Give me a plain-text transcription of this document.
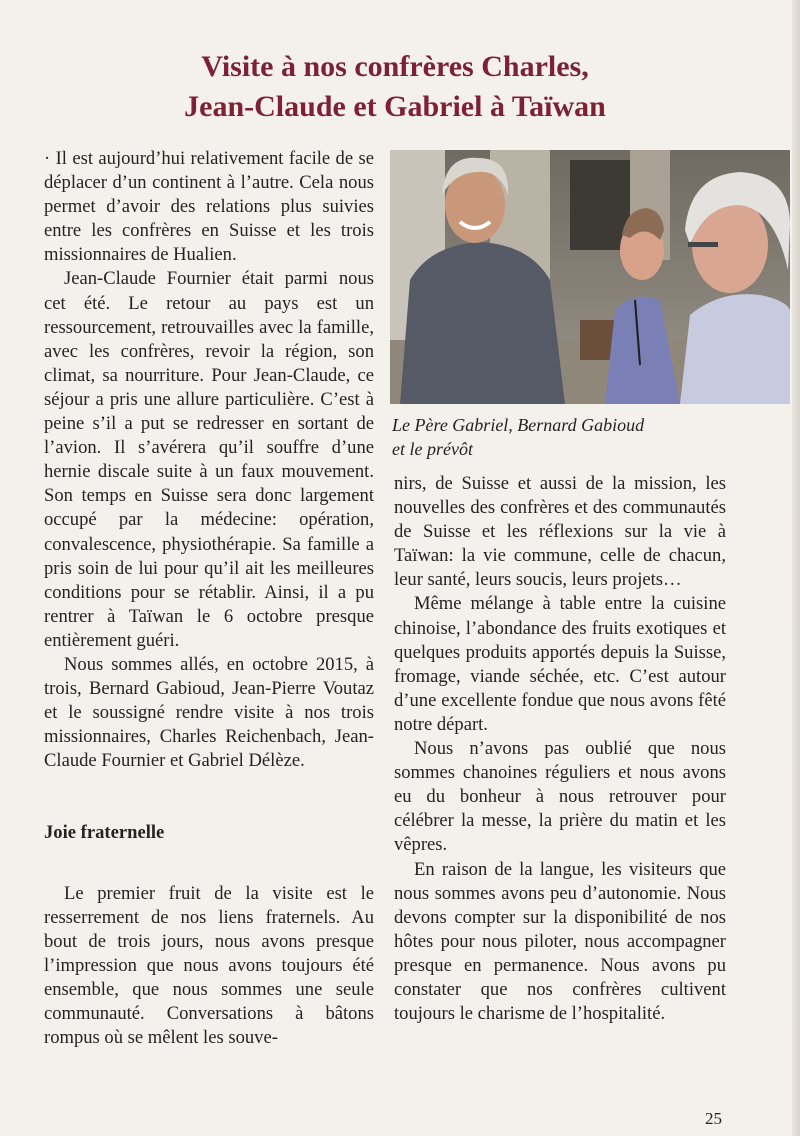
Visite à nos confrères Charles,
Jean-Claude et Gabriel à Taïwan

· Il est aujourd’hui relativement facile de se déplacer d’un continent à l’autre. Cela nous permet d’avoir des relations plus suivies entre les confrères en Suisse et les trois missionnaires de Hualien.

Jean-Claude Fournier était parmi nous cet été. Le retour au pays est un ressourcement, retrouvailles avec la famille, avec les confrères, revoir la région, son climat, sa nourriture. Pour Jean-Claude, ce séjour a pris une allure particulière. C’est à peine s’il a put se redresser en sortant de l’avion. Il s’avérera qu’il souffre d’une hernie discale suite à un faux mouvement. Son temps en Suisse sera donc largement occupé par la médecine: opération, convalescence, physiothérapie. Sa famille a pris soin de lui pour qu’il ait les meilleures conditions pour se rétablir. Ainsi, il a pu rentrer à Taïwan le 6 octobre presque entièrement guéri.

Nous sommes allés, en octobre 2015, à trois, Bernard Gabioud, Jean-Pierre Voutaz et le soussigné rendre visite à nos trois missionnaires, Charles Reichenbach, Jean-Claude Fournier et Gabriel Délèze.

Joie fraternelle

Le premier fruit de la visite est le resserrement de nos liens fraternels. Au bout de trois jours, nous avons presque l’impression que nous avons toujours été ensemble, que nous sommes une seule communauté. Conversations à bâtons rompus où se mêlent les souve-

Le Père Gabriel, Bernard Gabioud
et le prévôt

nirs, de Suisse et aussi de la mission, les nouvelles des confrères et des communautés de Suisse et les réflexions sur la vie à Taïwan: la vie commune, celle de chacun, leur santé, leurs soucis, leurs projets…

Même mélange à table entre la cuisine chinoise, l’abondance des fruits exotiques et quelques produits apportés depuis la Suisse, fromage, viande séchée, etc. C’est autour d’une excellente fondue que nous avons fêté notre départ.

Nous n’avons pas oublié que nous sommes chanoines réguliers et nous avons eu du bonheur à nous retrouver pour célébrer la messe, la prière du matin et les vêpres.

En raison de la langue, les visiteurs que nous sommes avons peu d’autonomie. Nous devons compter sur la disponibilité de nos hôtes pour nous piloter, nous accompagner presque en permanence. Nous avons pu constater que nos confrères cultivent toujours le charisme de l’hospitalité.

25
